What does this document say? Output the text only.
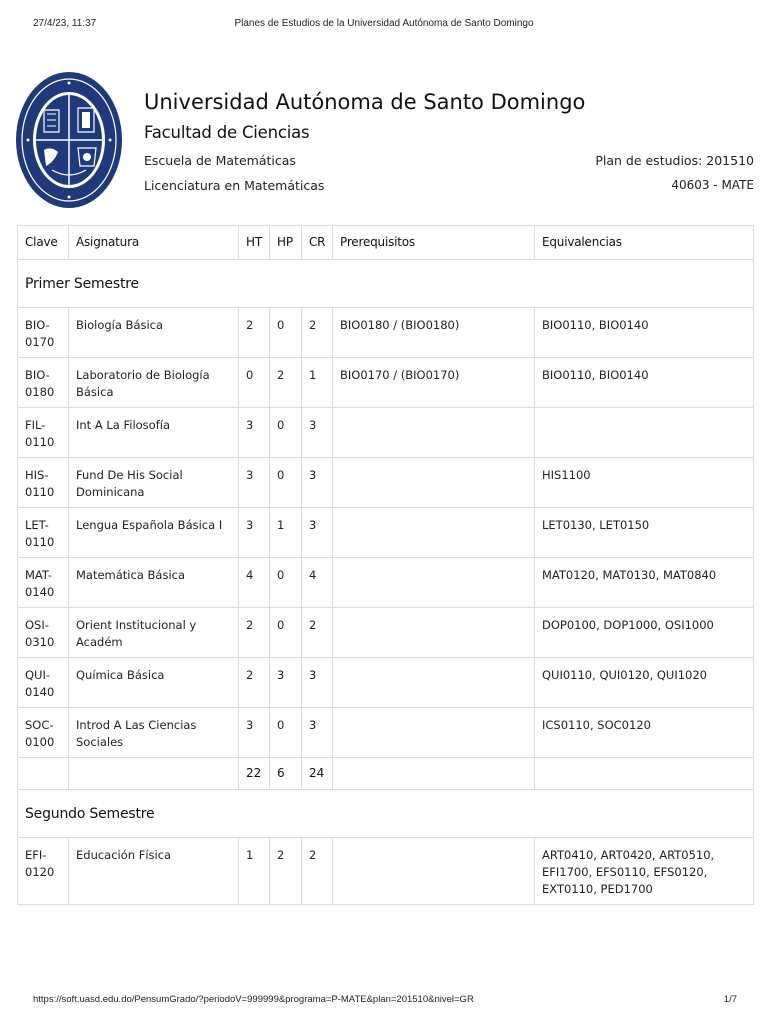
27/4/23, 11:37	Planes de Estudios de la Universidad Autónoma de Santo Domingo
Universidad Autónoma de Santo Domingo
Facultad de Ciencias
Escuela de Matemáticas
Licenciatura en Matemáticas
Plan de estudios: 201510
40603 - MATE
Clave	Asignatura	HT	HP	CR	Prerequisitos	Equivalencias
Primer Semestre						
BIO-0170	Biología Básica	2	0	2	BIO0180 / (BIO0180)	BIO0110, BIO0140
BIO-0180	Laboratorio de Biología Básica	0	2	1	BIO0170 / (BIO0170)	BIO0110, BIO0140
FIL-0110	Int A La Filosofía	3	0	3		
HIS-0110	Fund De His Social Dominicana	3	0	3		HIS1100
LET-0110	Lengua Española Básica I	3	1	3		LET0130, LET0150
MAT-0140	Matemática Básica	4	0	4		MAT0120, MAT0130, MAT0840
OSI-0310	Orient Institucional y Académ	2	0	2		DOP0100, DOP1000, OSI1000
QUI-0140	Química Básica	2	3	3		QUI0110, QUI0120, QUI1020
SOC-0100	Introd A Las Ciencias Sociales	3	0	3		ICS0110, SOC0120
		22	6	24		
Segundo Semestre						
EFI-0120	Educación Física	1	2	2		ART0410, ART0420, ART0510, EFI1700, EFS0110, EFS0120, EXT0110, PED1700
https://soft.uasd.edu.do/PensumGrado/?periodoV=999999&programa=P-MATE&plan=201510&nivel=GR	1/7
